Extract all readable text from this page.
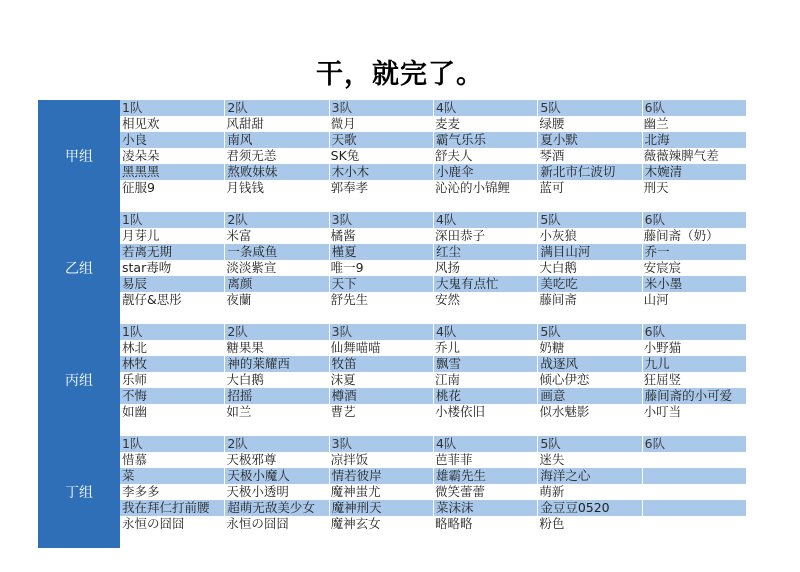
干，就完了。
甲组
1队	2队	3队	4队	5队	6队
相见欢	风甜甜	微月	麦麦	绿腰	幽兰
小良	南风	天歌	霸气乐乐	夏小默	北海
凌朵朵	君须无恙	SK兔	舒夫人	琴酒	薇薇辣脾气差
黑黑黑	熬败妹妹	木小木	小鹿伞	新北市仁波切	木婉清
征服9	月钱钱	郭奉孝	沁沁的小锦鲤	蓝可	刑天
乙组
1队	2队	3队	4队	5队	6队
月芽儿	米富	橘酱	深田恭子	小灰狼	藤间斋（奶）
若离无期	一条咸鱼	槿夏	红尘	满目山河	乔一
star毒吻	淡淡紫宣	唯一9	风扬	大白鹅	安宸宸
易辰	离颜	天下	大鬼有点忙	美吃吃	米小墨
靓仔&思彤	夜蘭	舒先生	安然	藤间斋	山河
丙组
1队	2队	3队	4队	5队	6队
林北	糖果果	仙舞喵喵	乔儿	奶糖	小野猫
林牧	神的莱耀西	牧笛	飘雪	战逐风	九儿
乐师	大白鹅	沫夏	江南	倾心伊恋	狂屈竖
不悔	招摇	樽酒	桃花	画意	藤间斋的小可爱
如幽	如兰	曹艺	小楼依旧	似水魅影	小叮当
丁组
1队	2队	3队	4队	5队	6队
惜慕	天极邪尊	凉拌饭	芭菲菲	迷失
菜	天极小魔人	情若彼岸	雄霸先生	海洋之心
李多多	天极小透明	魔神蚩尤	微笑蕾蕾	萌新
我在拜仁打前腰	超萌无敌美少女	魔神刑天	菜沫沫	金豆豆0520
永恒の囧囧	永恒の囧囧	魔神玄女	略略略	粉色
